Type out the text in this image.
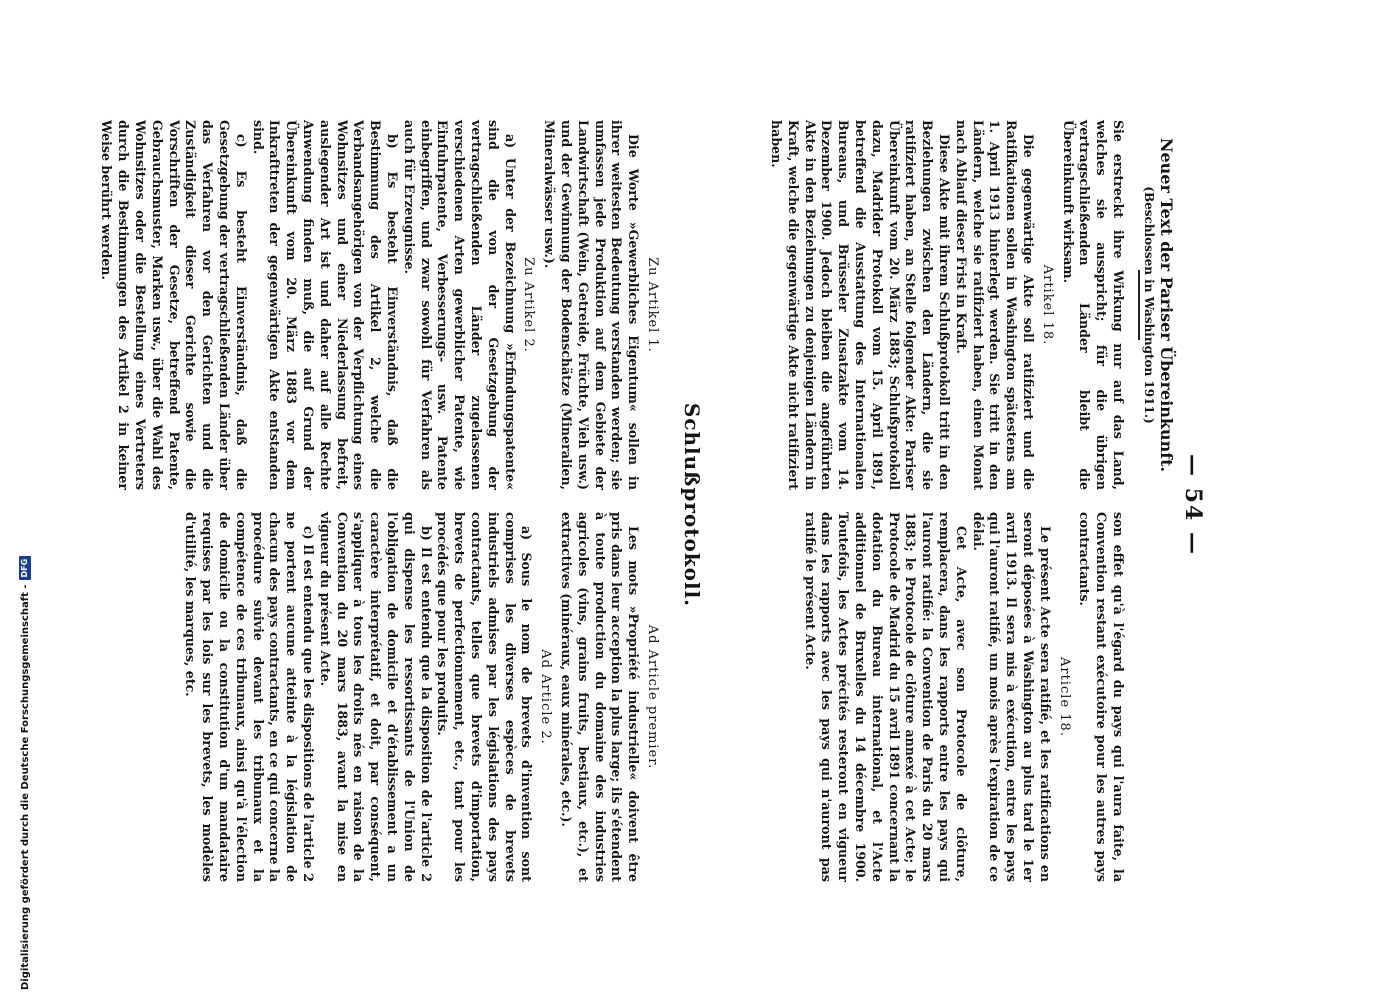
— 54 —
Neuer Text der Pariser Übereinkunft.
(Beschlossen in Washington 1911.)

Sie erstreckt ihre Wirkung nur auf das Land, welches sie ausspricht; für die übrigen vertragschließenden Länder bleibt die Übereinkunft wirksam.

Artikel 18.

Die gegenwärtige Akte soll ratifiziert und die Ratifikationen sollen in Washington spätestens am 1. April 1913 hinterlegt werden. Sie tritt in den Ländern, welche sie ratifiziert haben, einen Monat nach Ablauf dieser Frist in Kraft.

Diese Akte mit ihrem Schlußprotokoll tritt in den Beziehungen zwischen den Ländern, die sie ratifiziert haben, an Stelle folgender Akte: Pariser Übereinkunft vom 20. März 1883; Schlußprotokoll dazu, Madrider Protokoll vom 15. April 1891, betreffend die Ausstattung des Internationalen Bureaus, und Brüsseler Zusatzakte vom 14. Dezember 1900. Jedoch bleiben die angeführten Akte in den Beziehungen zu denjenigen Ländern in Kraft, welche die gegenwärtige Akte nicht ratifiziert haben.

son effet qu'à l'égard du pays qui l'aura faite, la Convention restant exécutoire pour les autres pays contractants.

Article 18.

Le présent Acte sera ratifié, et les ratifications en seront déposées à Washington au plus tard le 1er avril 1913. Il sera mis à exécution, entre les pays qui l'auront ratifié, un mois après l'expiration de ce délai.

Cet Acte, avec son Protocole de clôture, remplacera, dans les rapports entre les pays qui l'auront ratifié: la Convention de Paris du 20 mars 1883; le Protocole de clôture annexé à cet Acte; le Protocole de Madrid du 15 avril 1891 concernant la dotation du Bureau international, et l'Acte additionnel de Bruxelles du 14 décembre 1900. Toutefois, les Actes précités resteront en vigueur dans les rapports avec les pays qui n'auront pas ratifié le présent Acte.

Schlußprotokoll.
Zu Artikel 1.

Die Worte »Gewerbliches Eigentum« sollen in ihrer weitesten Bedeutung verstanden werden; sie umfassen jede Produktion auf dem Gebiete der Landwirtschaft (Wein, Getreide, Früchte, Vieh usw.) und der Gewinnung der Bodenschätze (Mineralien, Mineralwässer usw.).

Zu Artikel 2.

a) Unter der Bezeichnung »Erfindungspatente« sind die von der Gesetzgebung der vertragschließenden Länder zugelassenen verschiedenen Arten gewerblicher Patente, wie Einfuhrpatente, Verbesserungs- usw. Patente einbegriffen, und zwar sowohl für Verfahren als auch für Erzeugnisse.

b) Es besteht Einverständnis, daß die Bestimmung des Artikel 2, welche die Verbandsangehörigen von der Verpflichtung eines Wohnsitzes und einer Niederlassung befreit, auslegender Art ist und daher auf alle Rechte Anwendung finden muß, die auf Grund der Übereinkunft vom 20. März 1883 vor dem Inkrafttreten der gegenwärtigen Akte entstanden sind.

c) Es besteht Einverständnis, daß die Gesetzgebung der vertragschließenden Länder über das Verfahren vor den Gerichten und die Zuständigkeit dieser Gerichte sowie die Vorschriften der Gesetze, betreffend Patente, Gebrauchsmuster, Marken usw., über die Wahl des Wohnsitzes oder die Bestellung eines Vertreters durch die Bestimmungen des Artikel 2 in keiner Weise berührt werden.

Ad Article premier.

Les mots »Propriété industrielle« doivent être pris dans leur acception la plus large; ils s'étendent à toute production du domaine des industries agricoles (vins, grains fruits, bestiaux, etc.), et extractives (minéraux, eaux minérales, etc.).

Ad Article 2.

a) Sous le nom de brevets d'invention sont comprises les diverses espèces de brevets industriels admises par les législations des pays contractants, telles que brevets d'importation, brevets de perfectionnement, etc., tant pour les procédés que pour les produits.

b) Il est entendu que la disposition de l'article 2 qui dispense les ressortissants de l'Union de l'obligation de domicile et d'établissement a un caractère interprétatif, et doit, par conséquent, s'appliquer à tous les droits nés en raison de la Convention du 20 mars 1883, avant la mise en vigueur du présent Acte.

c) Il est entendu que les dispositions de l'article 2 ne portent aucune atteinte à la législation de chacun des pays contractants, en ce qui concerne la procédure suivie devant les tribunaux et la compétence de ces tribunaux, ainsi qu'à l'élection de domicile ou la constitution d'un mandataire requises par les lois sur les brevets, les modèles d'utilité, les marques, etc.

Digitalisierung gefördert durch die Deutsche Forschungsgemeinschaft -
DFG
